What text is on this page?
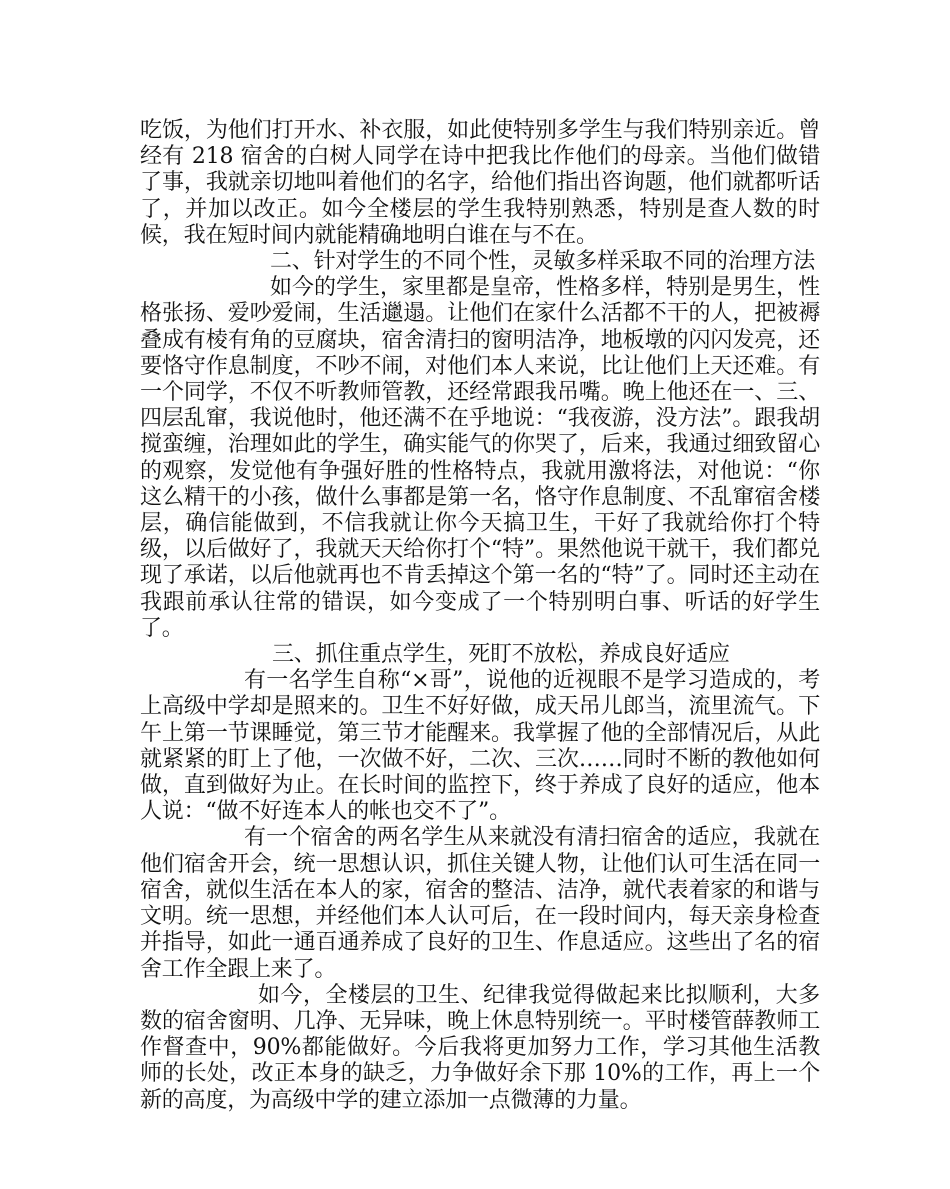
吃饭，为他们打开水、补衣服，如此使特别多学生与我们特别亲近。曾经有 218 宿舍的白树人同学在诗中把我比作他们的母亲。当他们做错了事，我就亲切地叫着他们的名字，给他们指出咨询题，他们就都听话了，并加以改正。如今全楼层的学生我特别熟悉，特别是查人数的时候，我在短时间内就能精确地明白谁在与不在。

二、针对学生的不同个性，灵敏多样采取不同的治理方法

如今的学生，家里都是皇帝，性格多样，特别是男生，性格张扬、爱吵爱闹，生活邋遢。让他们在家什么活都不干的人，把被褥叠成有棱有角的豆腐块，宿舍清扫的窗明洁净，地板墩的闪闪发亮，还要恪守作息制度，不吵不闹，对他们本人来说，比让他们上天还难。有一个同学，不仅不听教师管教，还经常跟我吊嘴。晚上他还在一、三、四层乱窜，我说他时，他还满不在乎地说：“我夜游，没方法”。跟我胡搅蛮缠，治理如此的学生，确实能气的你哭了，后来，我通过细致留心的观察，发觉他有争强好胜的性格特点，我就用激将法，对他说：“你这么精干的小孩，做什么事都是第一名，恪守作息制度、不乱窜宿舍楼层，确信能做到，不信我就让你今天搞卫生，干好了我就给你打个特级，以后做好了，我就天天给你打个“特”。果然他说干就干，我们都兑现了承诺，以后他就再也不肯丢掉这个第一名的“特”了。同时还主动在我跟前承认往常的错误，如今变成了一个特别明白事、听话的好学生了。

三、抓住重点学生，死盯不放松，养成良好适应

有一名学生自称“×哥”，说他的近视眼不是学习造成的，考上高级中学却是照来的。卫生不好好做，成天吊儿郎当，流里流气。下午上第一节课睡觉，第三节才能醒来。我掌握了他的全部情况后，从此就紧紧的盯上了他，一次做不好，二次、三次……同时不断的教他如何做，直到做好为止。在长时间的监控下，终于养成了良好的适应，他本人说：“做不好连本人的帐也交不了”。

有一个宿舍的两名学生从来就没有清扫宿舍的适应，我就在他们宿舍开会，统一思想认识，抓住关键人物，让他们认可生活在同一宿舍，就似生活在本人的家，宿舍的整洁、洁净，就代表着家的和谐与文明。统一思想，并经他们本人认可后，在一段时间内，每天亲身检查并指导，如此一通百通养成了良好的卫生、作息适应。这些出了名的宿舍工作全跟上来了。

如今，全楼层的卫生、纪律我觉得做起来比拟顺利，大多数的宿舍窗明、几净、无异味，晚上休息特别统一。平时楼管薛教师工作督查中，90%都能做好。今后我将更加努力工作，学习其他生活教师的长处，改正本身的缺乏，力争做好余下那 10%的工作，再上一个新的高度，为高级中学的建立添加一点微薄的力量。
